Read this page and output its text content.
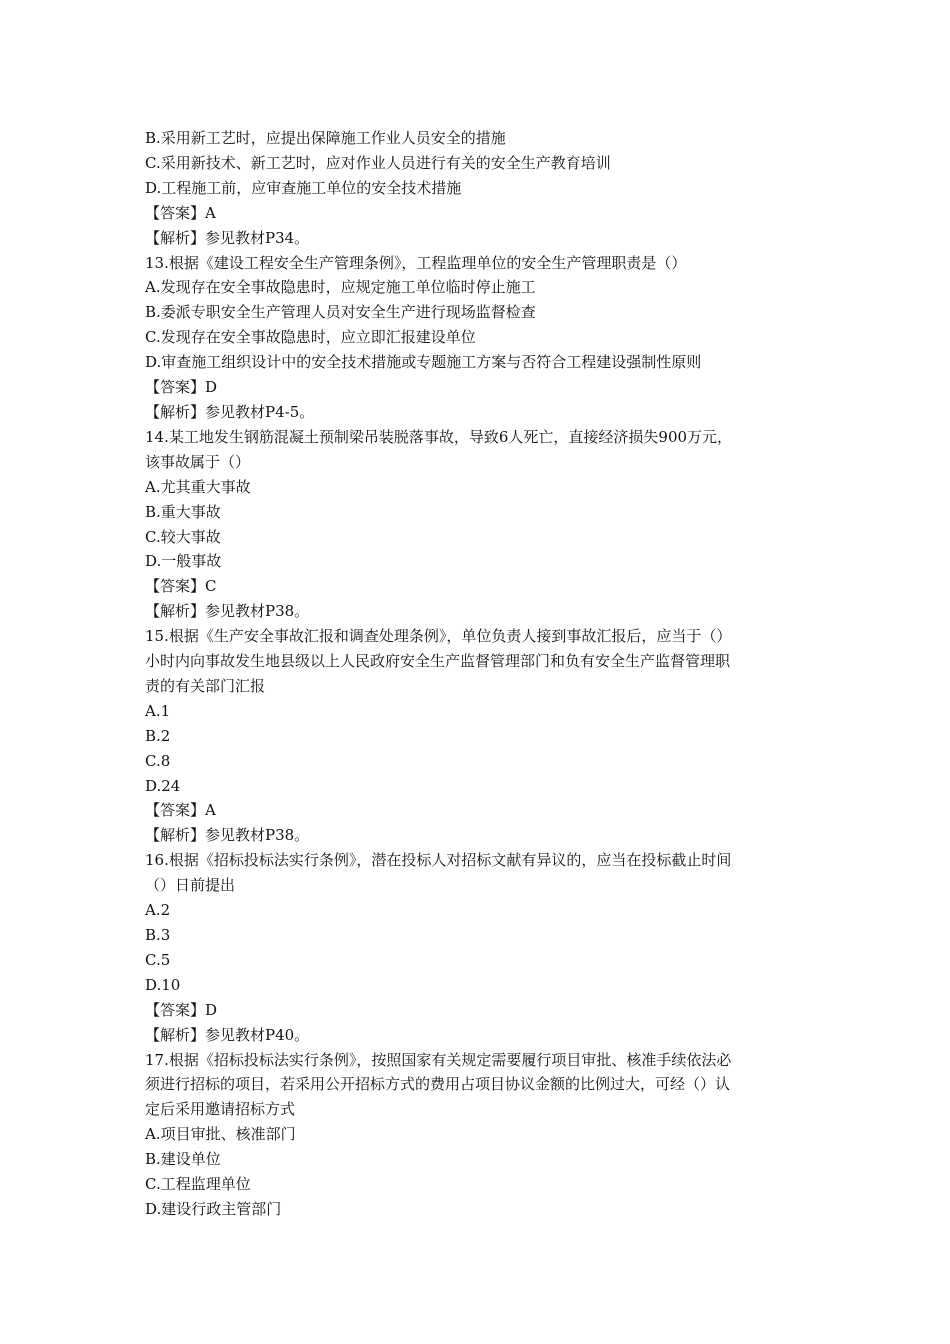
B.采用新工艺时，应提出保障施工作业人员安全的措施
C.采用新技术、新工艺时，应对作业人员进行有关的安全生产教育培训
D.工程施工前，应审查施工单位的安全技术措施
【答案】A
【解析】参见教材P34。
13.根据《建设工程安全生产管理条例》，工程监理单位的安全生产管理职责是（）
A.发现存在安全事故隐患时，应规定施工单位临时停止施工
B.委派专职安全生产管理人员对安全生产进行现场监督检查
C.发现存在安全事故隐患时，应立即汇报建设单位
D.审查施工组织设计中的安全技术措施或专题施工方案与否符合工程建设强制性原则
【答案】D
【解析】参见教材P4-5。
14.某工地发生钢筋混凝土预制梁吊装脱落事故，导致6人死亡，直接经济损失900万元，
该事故属于（）
A.尤其重大事故
B.重大事故
C.较大事故
D.一般事故
【答案】C
【解析】参见教材P38。
15.根据《生产安全事故汇报和调查处理条例》，单位负责人接到事故汇报后，应当于（）
小时内向事故发生地县级以上人民政府安全生产监督管理部门和负有安全生产监督管理职
责的有关部门汇报
A.1
B.2
C.8
D.24
【答案】A
【解析】参见教材P38。
16.根据《招标投标法实行条例》，潜在投标人对招标文献有异议的，应当在投标截止时间
（）日前提出
A.2
B.3
C.5
D.10
【答案】D
【解析】参见教材P40。
17.根据《招标投标法实行条例》，按照国家有关规定需要履行项目审批、核准手续依法必
须进行招标的项目，若采用公开招标方式的费用占项目协议金额的比例过大，可经（）认
定后采用邀请招标方式
A.项目审批、核准部门
B.建设单位
C.工程监理单位
D.建设行政主管部门
